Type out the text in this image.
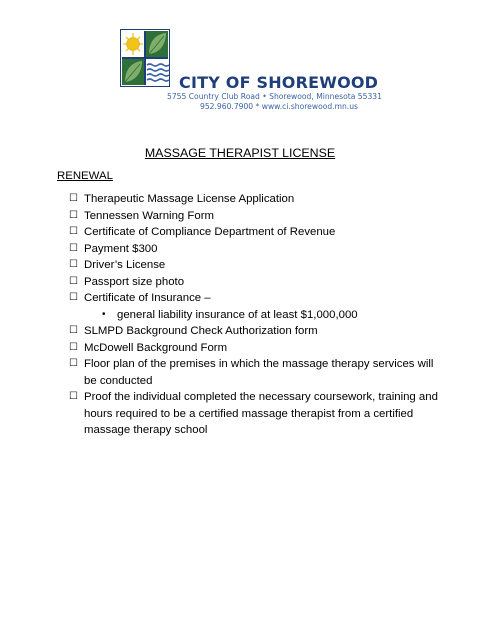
CITY OF SHOREWOOD
5755 Country Club Road • Shorewood, Minnesota 55331
952.960.7900 * www.ci.shorewood.mn.us
MASSAGE THERAPIST LICENSE
RENEWAL
☐ Therapeutic Massage License Application
☐ Tennessen Warning Form
☐ Certificate of Compliance Department of Revenue
☐ Payment $300
☐ Driver’s License
☐ Passport size photo
☐ Certificate of Insurance –
•	general liability insurance of at least $1,000,000
☐ SLMPD Background Check Authorization form
☐ McDowell Background Form
☐ Floor plan of the premises in which the massage therapy services will be conducted
☐ Proof the individual completed the necessary coursework, training and hours required to be a certified massage therapist from a certified massage therapy school
